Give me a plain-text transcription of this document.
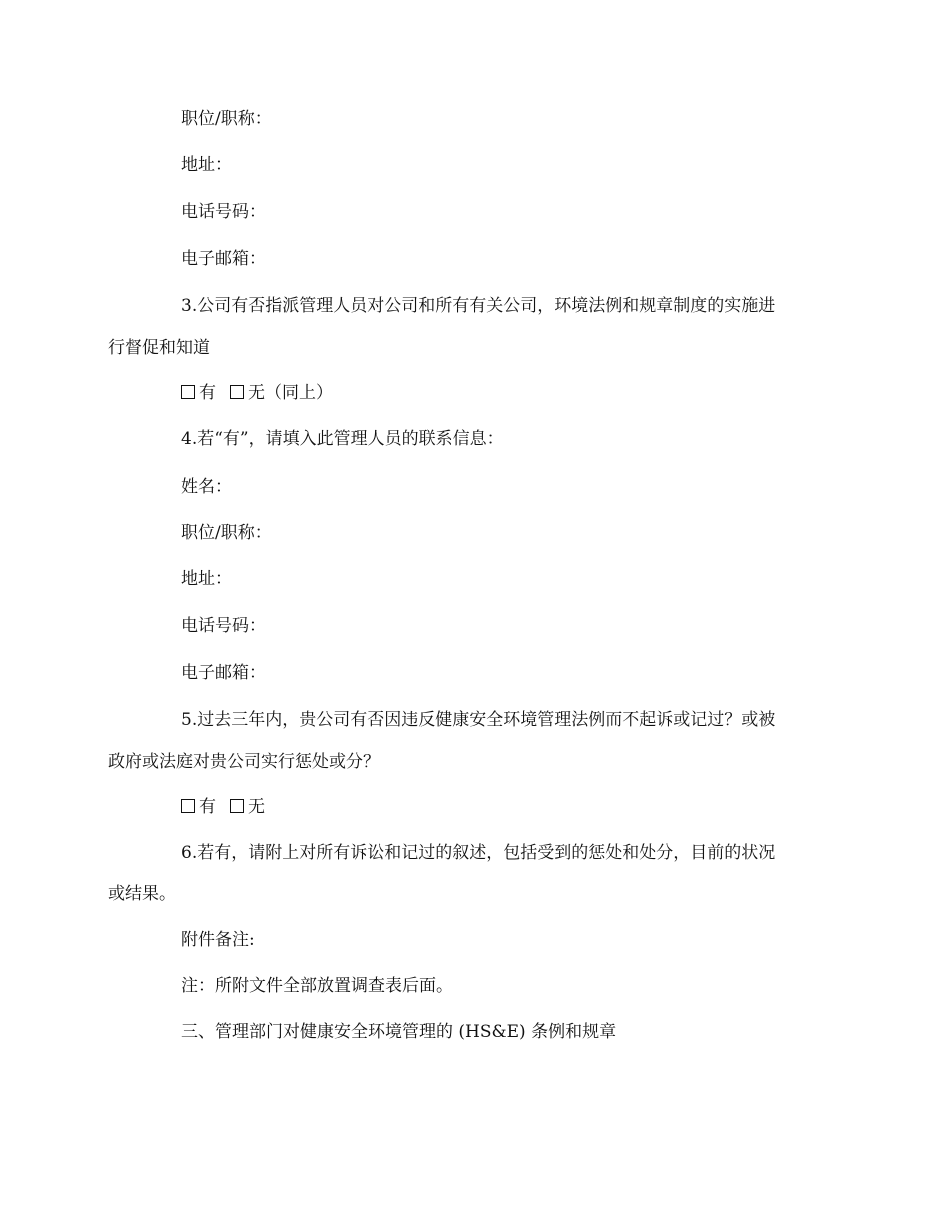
职位/职称：
地址：
电话号码：
电子邮箱：
3.公司有否指派管理人员对公司和所有有关公司，环境法例和规章制度的实施进
行督促和知道
有 无（同上）
4.若“有”，请填入此管理人员的联系信息：
姓名：
职位/职称：
地址：
电话号码：
电子邮箱：
5.过去三年内，贵公司有否因违反健康安全环境管理法例而不起诉或记过？或被
政府或法庭对贵公司实行惩处或分？
有 无
6.若有，请附上对所有诉讼和记过的叙述，包括受到的惩处和处分，目前的状况
或结果。
附件备注:
注：所附文件全部放置调查表后面。
三、管理部门对健康安全环境管理的 (HS&E) 条例和规章
